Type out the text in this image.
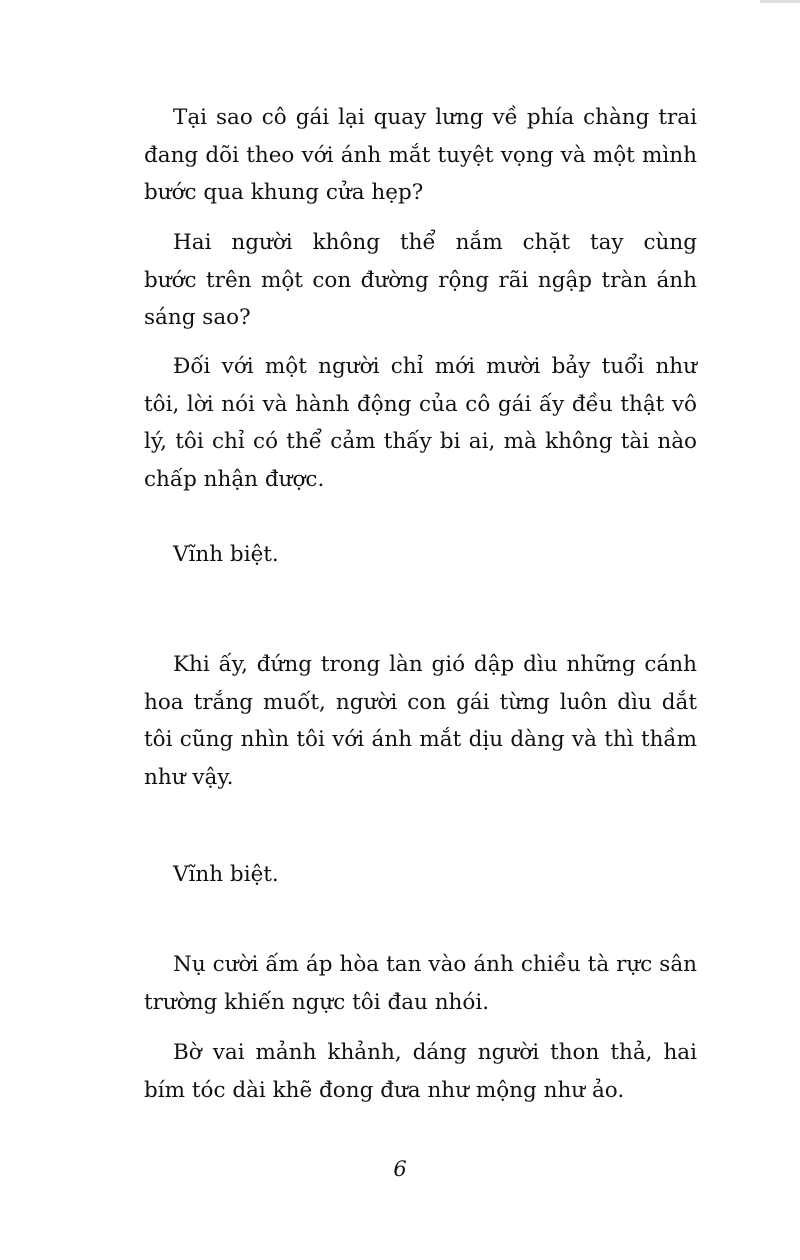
Tại sao cô gái lại quay lưng về phía chàng trai
đang dõi theo với ánh mắt tuyệt vọng và một mình
bước qua khung cửa hẹp?
Hai người không thể nắm chặt tay cùng
bước trên một con đường rộng rãi ngập tràn ánh
sáng sao?
Đối với một người chỉ mới mười bảy tuổi như
tôi, lời nói và hành động của cô gái ấy đều thật vô
lý, tôi chỉ có thể cảm thấy bi ai, mà không tài nào
chấp nhận được.
Vĩnh biệt.
Khi ấy, đứng trong làn gió dập dìu những cánh
hoa trắng muốt, người con gái từng luôn dìu dắt
tôi cũng nhìn tôi với ánh mắt dịu dàng và thì thầm
như vậy.
Vĩnh biệt.
Nụ cười ấm áp hòa tan vào ánh chiều tà rực sân
trường khiến ngực tôi đau nhói.
Bờ vai mảnh khảnh, dáng người thon thả, hai
bím tóc dài khẽ đong đưa như mộng như ảo.
6
